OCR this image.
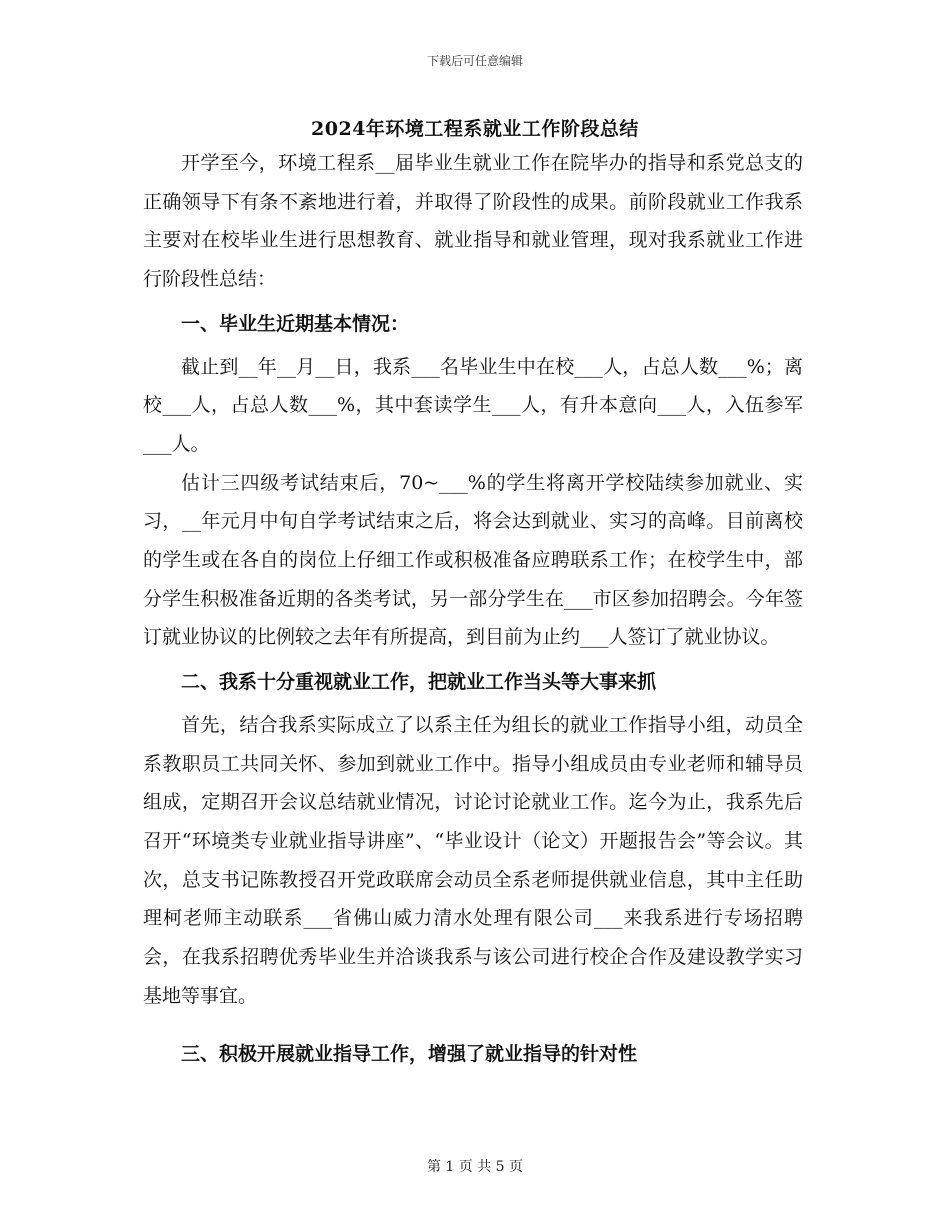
下载后可任意编辑
2024年环境工程系就业工作阶段总结

开学至今，环境工程系__届毕业生就业工作在院毕办的指导和系党总支的正确领导下有条不紊地进行着，并取得了阶段性的成果。前阶段就业工作我系主要对在校毕业生进行思想教育、就业指导和就业管理，现对我系就业工作进行阶段性总结：

一、毕业生近期基本情况：

截止到__年__月__日，我系___名毕业生中在校___人，占总人数___%；离校___人，占总人数___%，其中套读学生___人，有升本意向___人，入伍参军___人。

估计三四级考试结束后，70~___%的学生将离开学校陆续参加就业、实习，__年元月中旬自学考试结束之后，将会达到就业、实习的高峰。目前离校的学生或在各自的岗位上仔细工作或积极准备应聘联系工作；在校学生中，部分学生积极准备近期的各类考试，另一部分学生在___市区参加招聘会。今年签订就业协议的比例较之去年有所提高，到目前为止约___人签订了就业协议。

二、我系十分重视就业工作，把就业工作当头等大事来抓

首先，结合我系实际成立了以系主任为组长的就业工作指导小组，动员全系教职员工共同关怀、参加到就业工作中。指导小组成员由专业老师和辅导员组成，定期召开会议总结就业情况，讨论讨论就业工作。迄今为止，我系先后召开“环境类专业就业指导讲座”、“毕业设计（论文）开题报告会”等会议。其次，总支书记陈教授召开党政联席会动员全系老师提供就业信息，其中主任助理柯老师主动联系___省佛山威力清水处理有限公司___来我系进行专场招聘会，在我系招聘优秀毕业生并洽谈我系与该公司进行校企合作及建设教学实习基地等事宜。

三、积极开展就业指导工作，增强了就业指导的针对性
第 1 页 共 5 页
